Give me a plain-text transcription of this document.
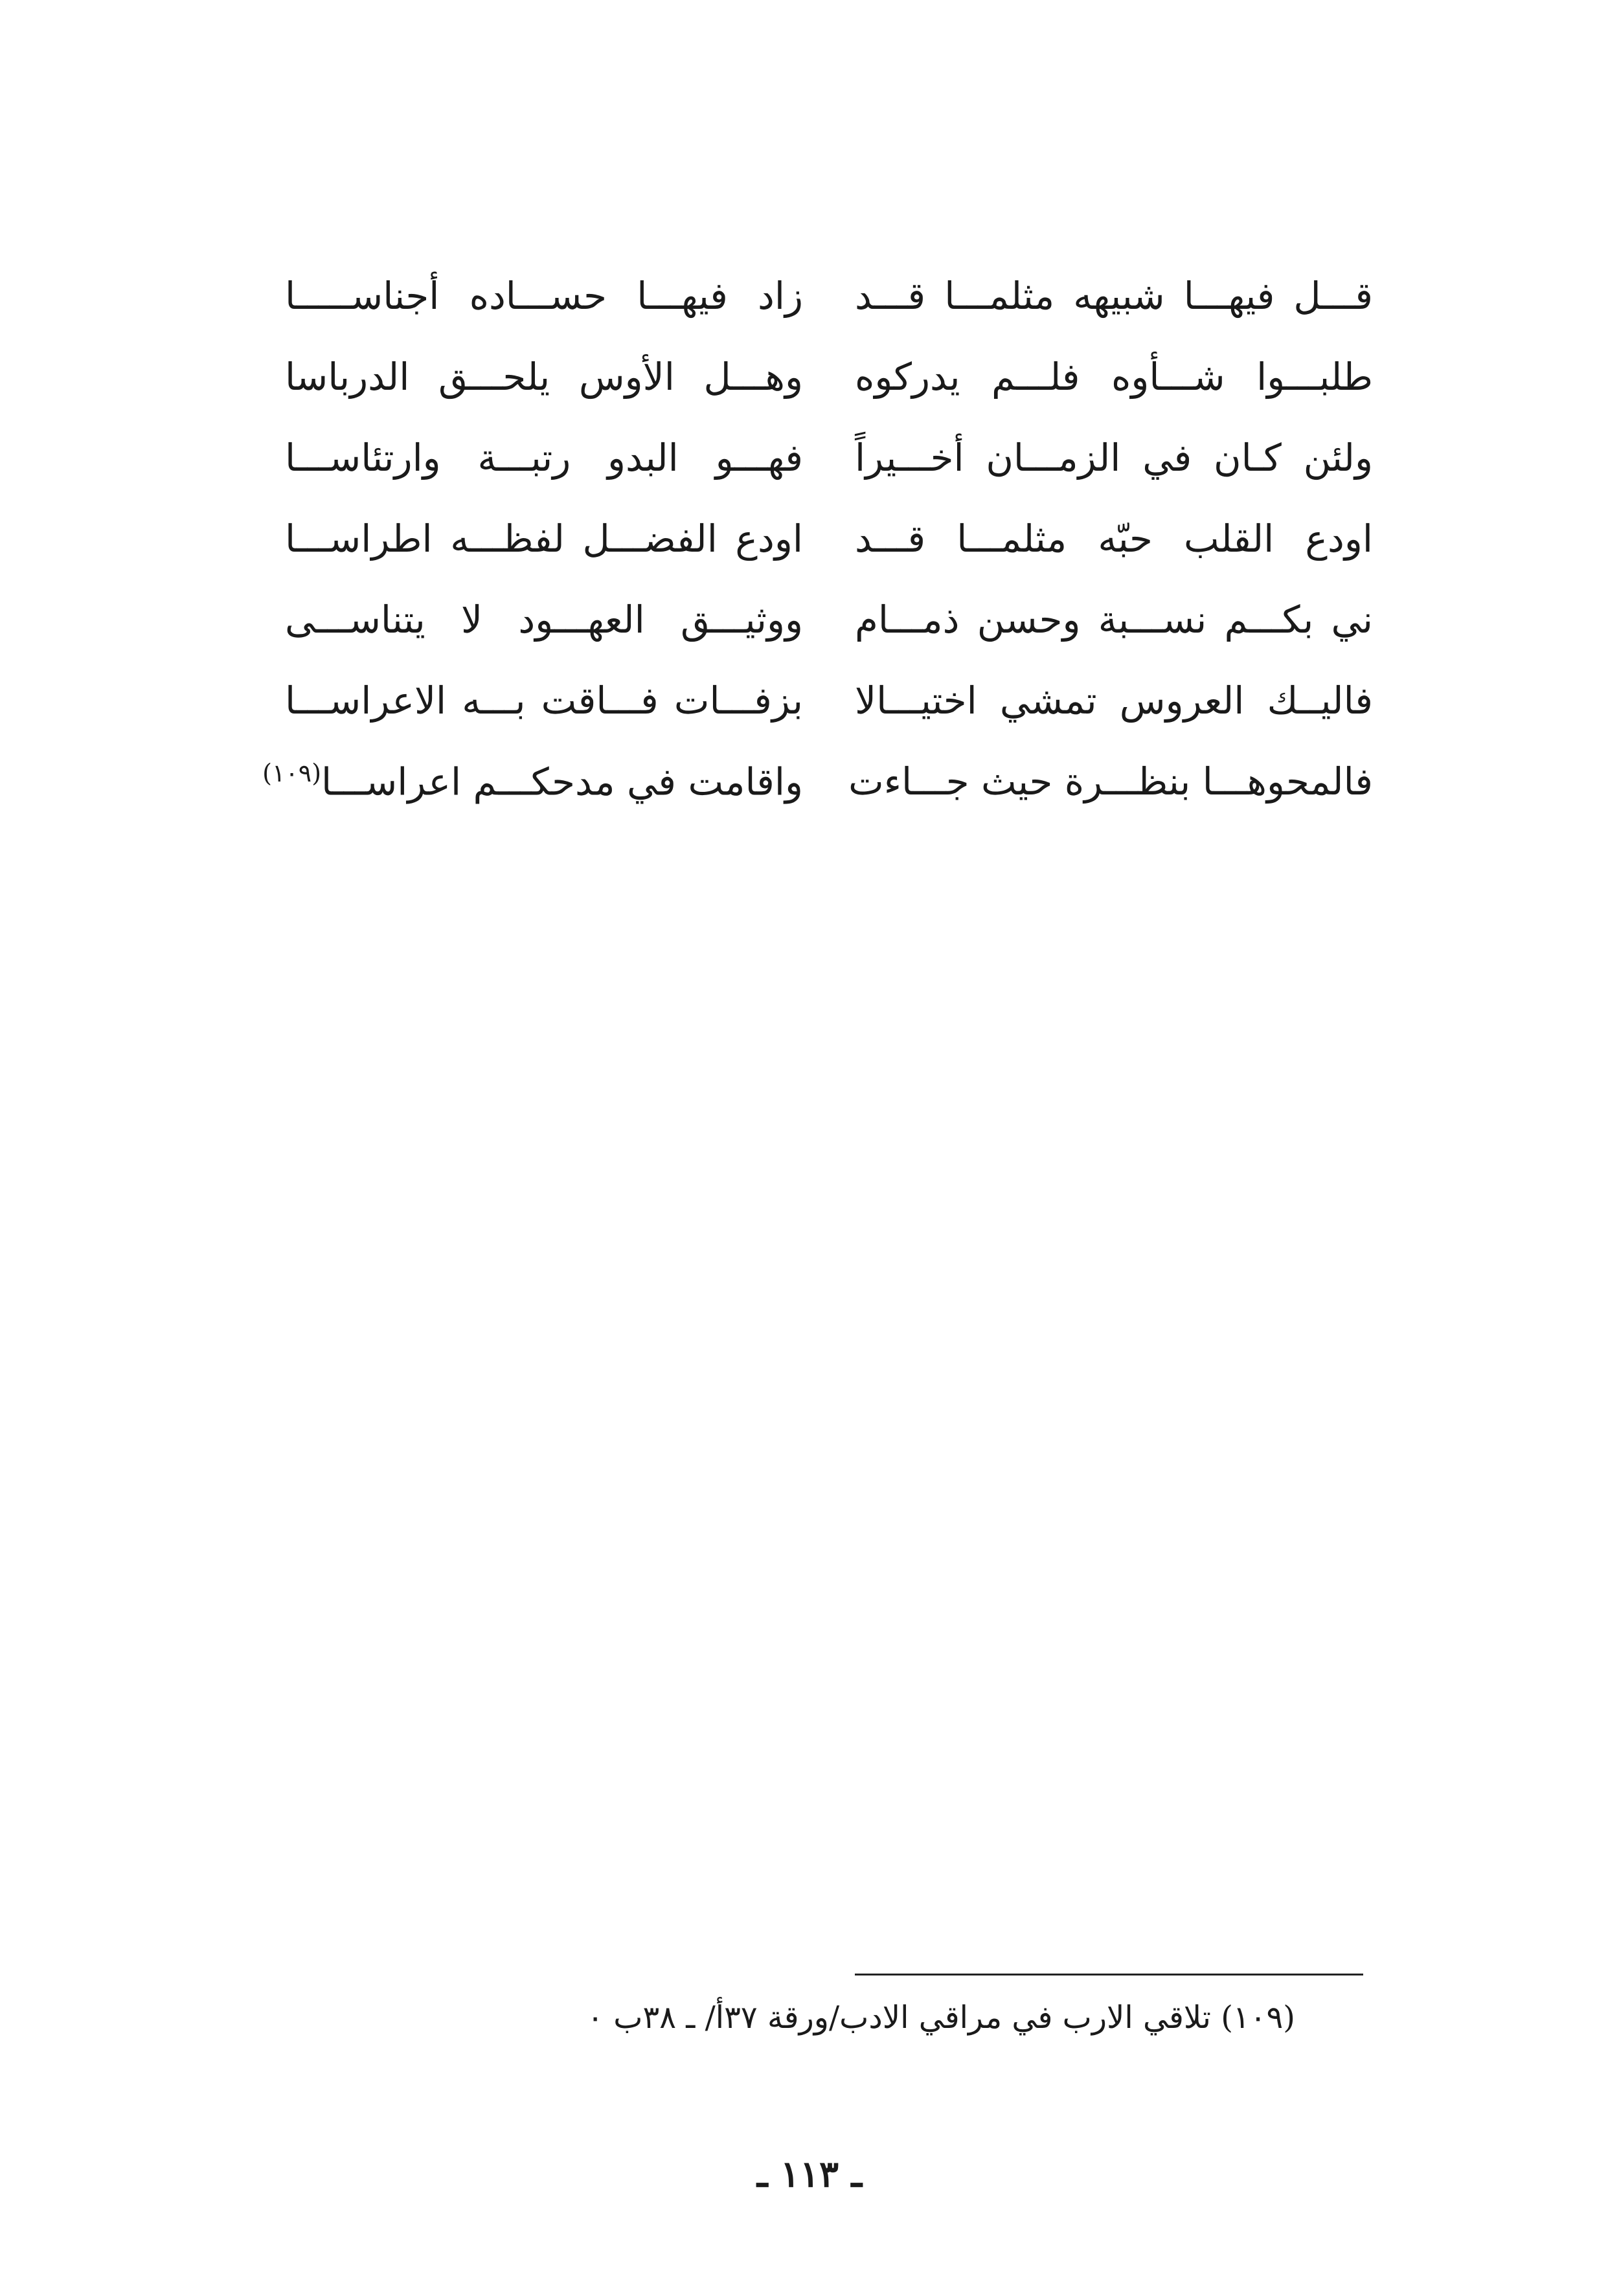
قـــل فيهـــا شبيهه مثلمـــا قـــد
زاد فيهـــا حســـاده أجناســـــا
طلبـــوا شـــأوه فلـــم يدركوه
وهـــل الأوس يلحـــق الدرباسا
ولئن كـان في الزمـــان أخـــيراً
فهـــو البدو رتبـــة وارتئاســـا
اودع القلب حبّه مثلمـــا قـــد
اودع الفضـــل لفظـــه اطراســـا
ني بكـــم نســـبة وحسن ذمـــام
ووثيـــق العهـــود لا يتناســـى
فاليــك العروس تمشي اختيـــالا
بزفـــات فـــاقت بـــه الاعراســـا
فالمحوهـــا بنظـــرة حيث جـــاءت
واقامت في مدحكـــم اعراســـا$^{(١٠٩)}$
(١٠٩) تلاقي الارب في مراقي الادب/ورقة ٣٧أ/ ـ ٣٨ب ٠
ـ ١١٣ ـ
